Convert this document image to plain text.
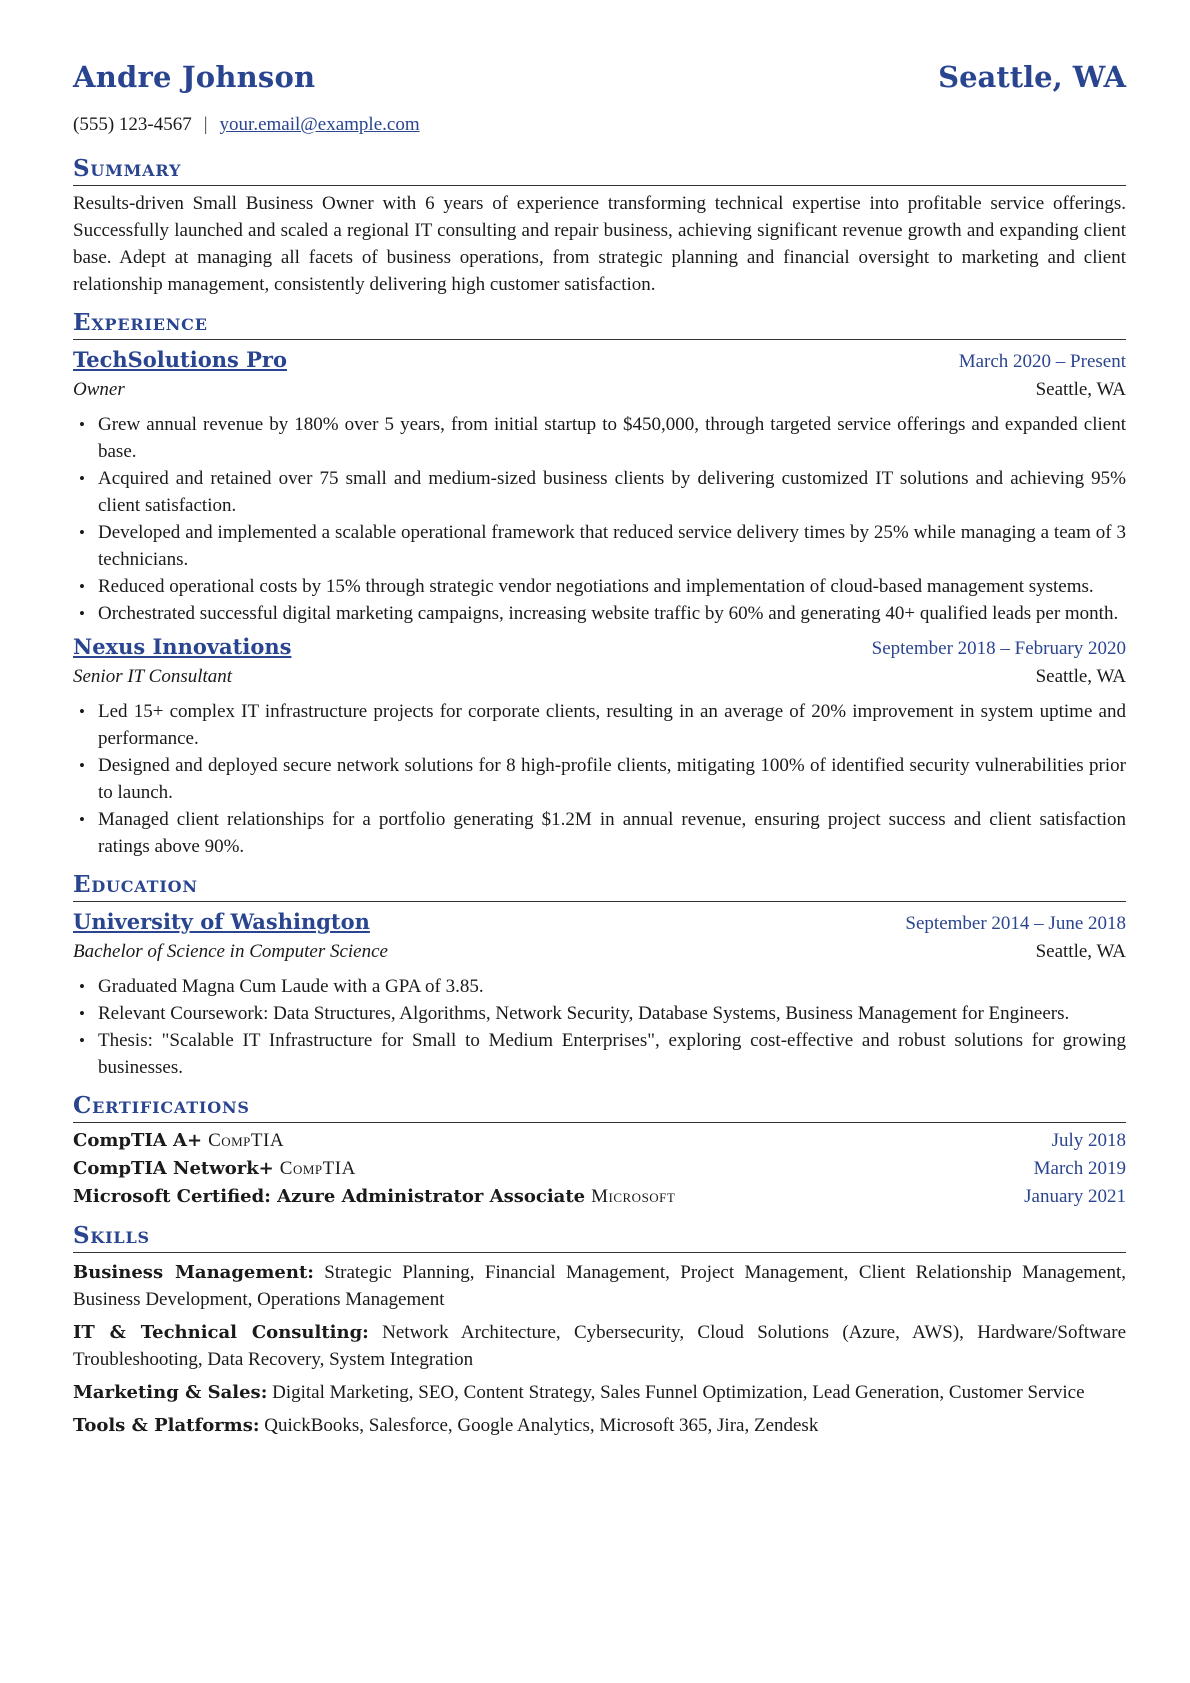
Andre Johnson	Seattle, WA
(555) 123-4567 | your.email@example.com
Summary

Results-driven Small Business Owner with 6 years of experience transforming technical expertise into profitable service offerings. Successfully launched and scaled a regional IT consulting and repair business, achieving significant revenue growth and expanding client base. Adept at managing all facets of business operations, from strategic planning and financial oversight to marketing and client relationship management, consistently delivering high customer satisfaction.

Experience
TechSolutions Pro	March 2020 – Present
Owner	Seattle, WA
• Grew annual revenue by 180% over 5 years, from initial startup to $450,000, through targeted service offerings and expanded client base.
• Acquired and retained over 75 small and medium-sized business clients by delivering customized IT solutions and achieving 95% client satisfaction.
• Developed and implemented a scalable operational framework that reduced service delivery times by 25% while managing a team of 3 technicians.
• Reduced operational costs by 15% through strategic vendor negotiations and implementation of cloud-based management systems.
• Orchestrated successful digital marketing campaigns, increasing website traffic by 60% and generating 40+ qualified leads per month.
Nexus Innovations	September 2018 – February 2020
Senior IT Consultant	Seattle, WA
• Led 15+ complex IT infrastructure projects for corporate clients, resulting in an average of 20% improvement in system uptime and performance.
• Designed and deployed secure network solutions for 8 high-profile clients, mitigating 100% of identified security vulnerabilities prior to launch.
• Managed client relationships for a portfolio generating $1.2M in annual revenue, ensuring project success and client satisfaction ratings above 90%.
Education
University of Washington	September 2014 – June 2018
Bachelor of Science in Computer Science	Seattle, WA
• Graduated Magna Cum Laude with a GPA of 3.85.
• Relevant Coursework: Data Structures, Algorithms, Network Security, Database Systems, Business Management for Engineers.
• Thesis: "Scalable IT Infrastructure for Small to Medium Enterprises", exploring cost-effective and robust solutions for growing businesses.
Certifications
CompTIA A+ CompTIA	July 2018
CompTIA Network+ CompTIA	March 2019
Microsoft Certified: Azure Administrator Associate Microsoft	January 2021
Skills

Business Management: Strategic Planning, Financial Management, Project Management, Client Relationship Management, Business Development, Operations Management

IT & Technical Consulting: Network Architecture, Cybersecurity, Cloud Solutions (Azure, AWS), Hardware/Software Troubleshooting, Data Recovery, System Integration

Marketing & Sales: Digital Marketing, SEO, Content Strategy, Sales Funnel Optimization, Lead Generation, Customer Service

Tools & Platforms: QuickBooks, Salesforce, Google Analytics, Microsoft 365, Jira, Zendesk
